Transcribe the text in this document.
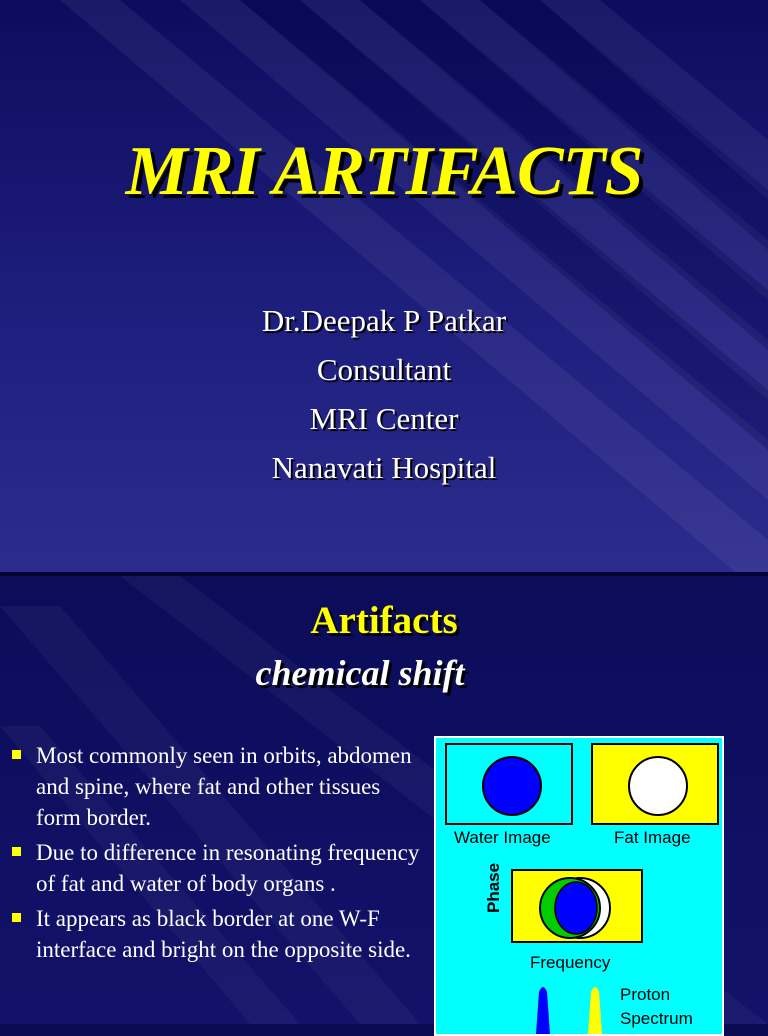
MRI ARTIFACTS
Dr.Deepak P Patkar
Consultant
MRI Center
Nanavati Hospital
Artifacts
chemical shift
Most commonly seen in orbits, abdomen and spine, where fat and other tissues form border.
Due to difference in resonating frequency of fat and water of body organs .
It appears as black border at one W-F interface and bright on the opposite side.
Water Image	Fat Image
Phase
Frequency
Proton
Spectrum
